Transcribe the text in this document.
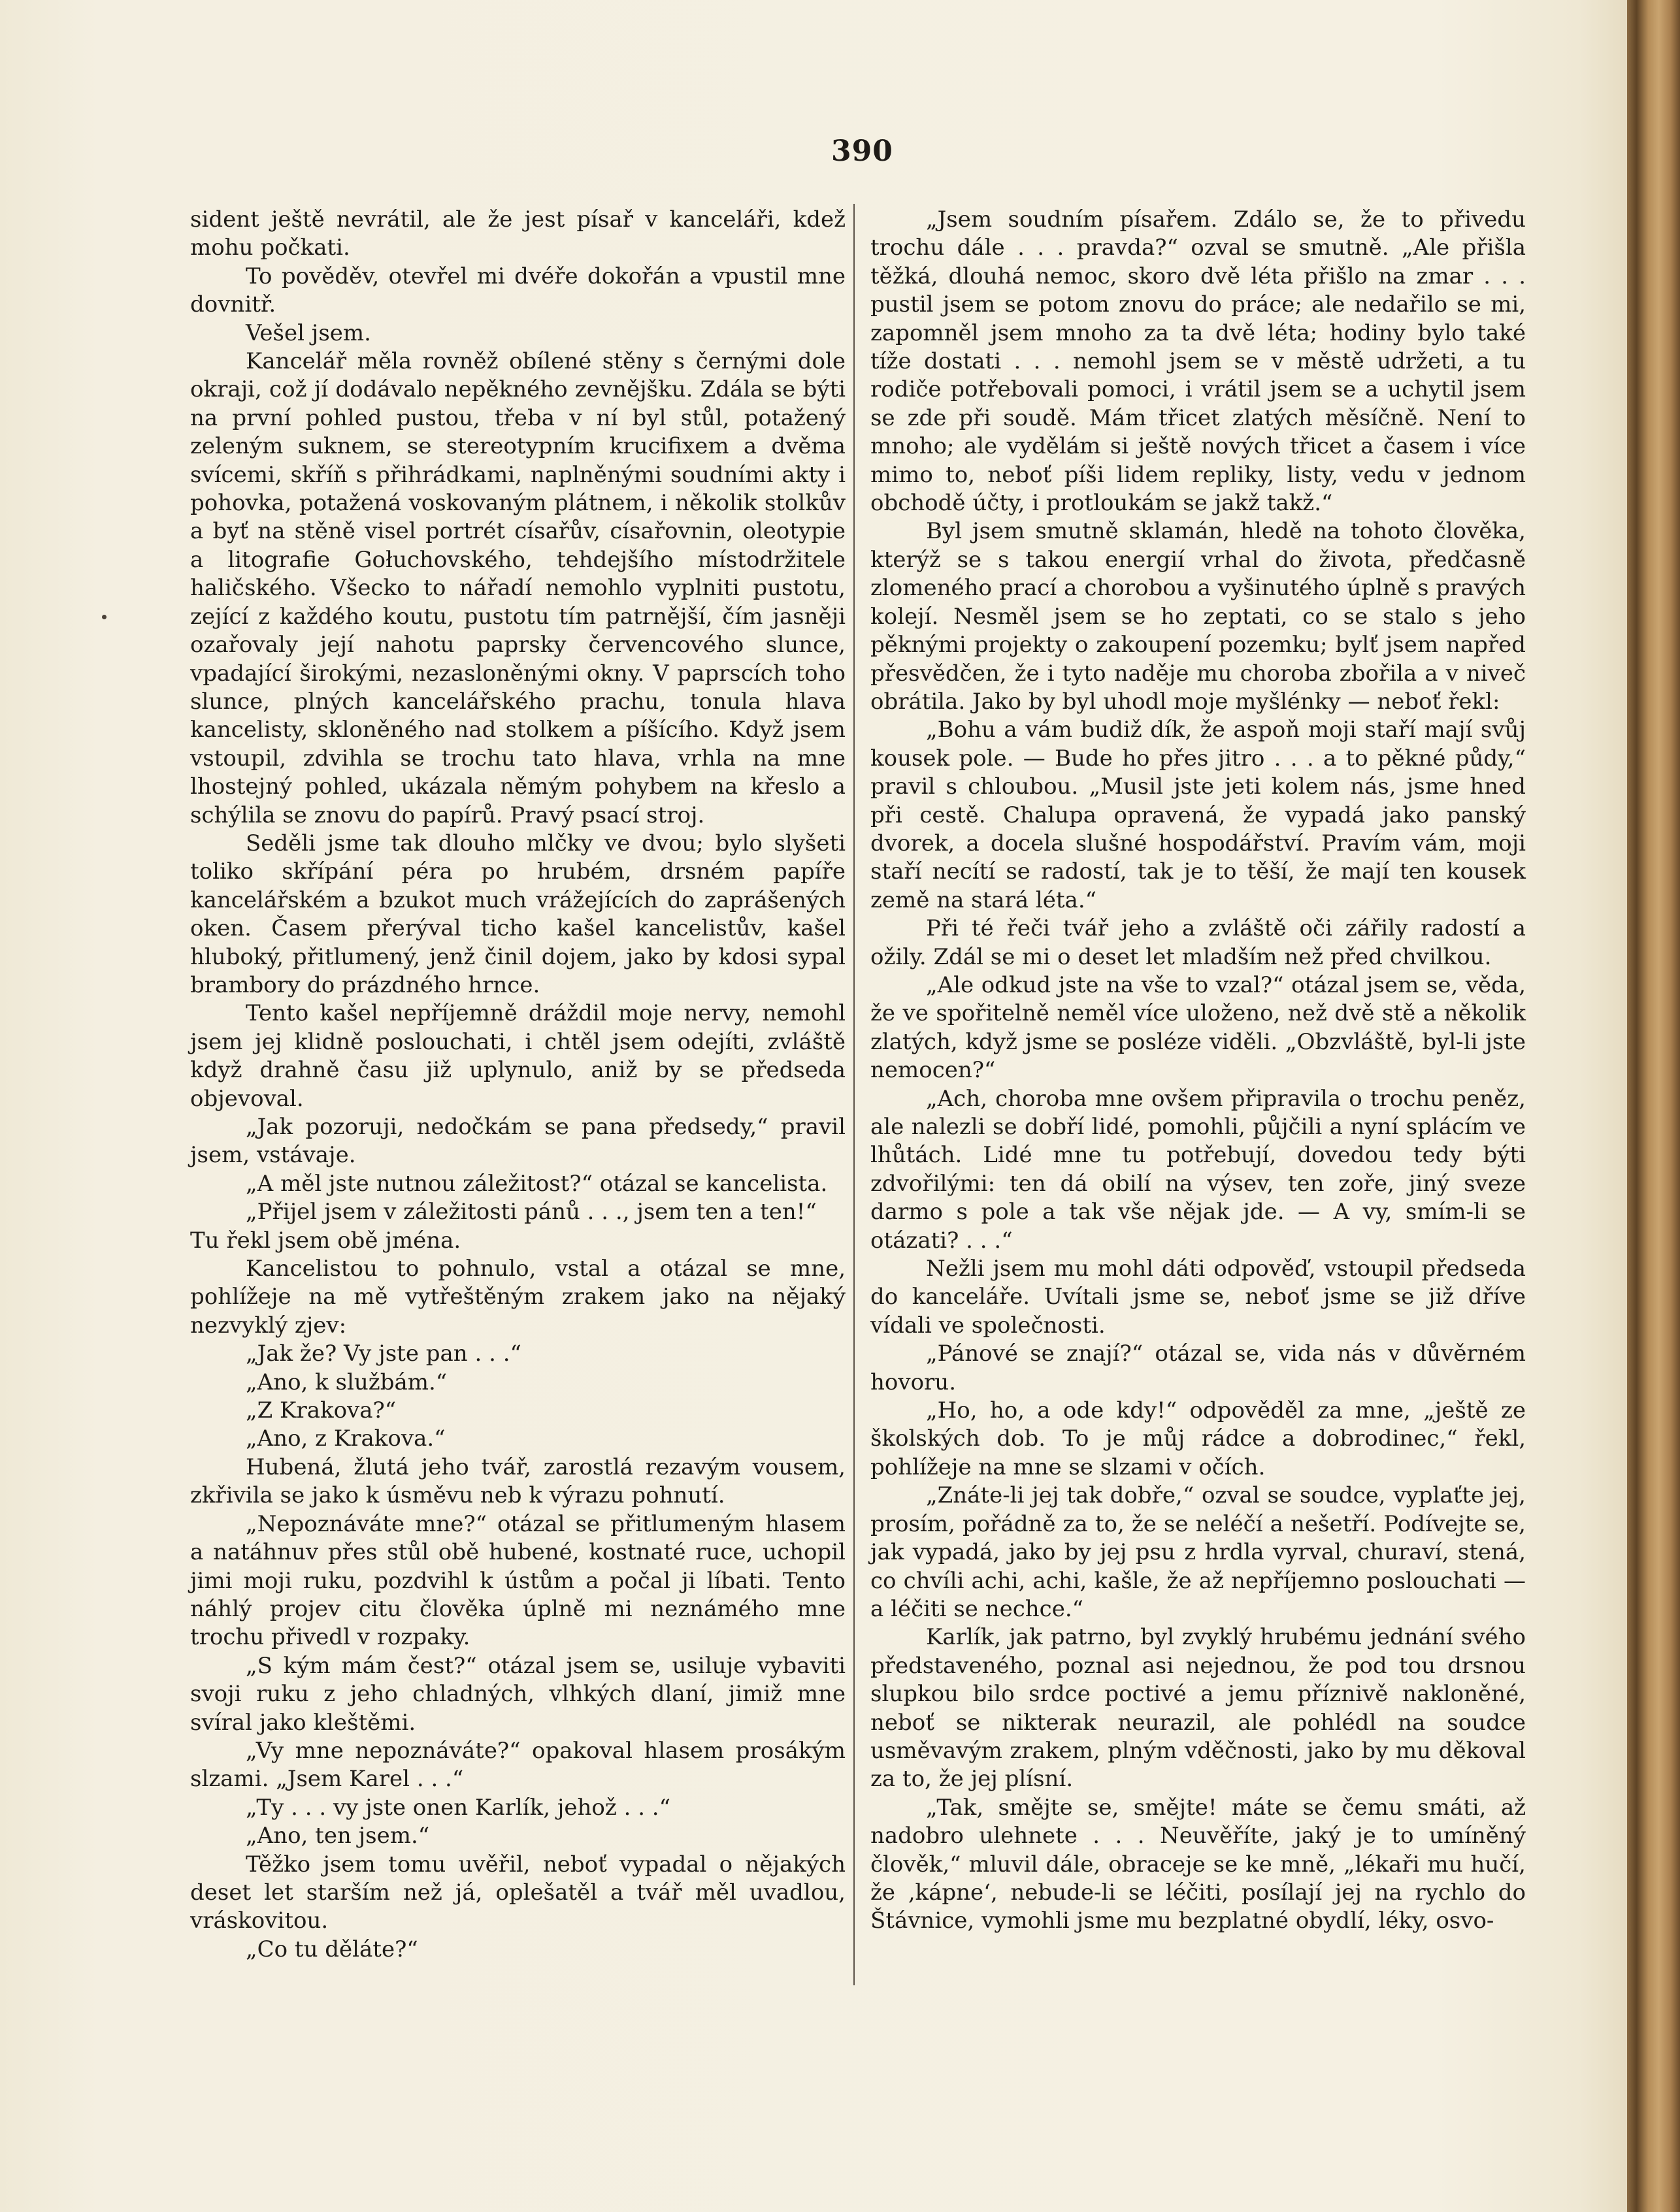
390

sident ještě nevrátil, ale že jest písař v kanceláři, kdež mohu počkati.

To pověděv, otevřel mi dvéře dokořán a vpustil mne dovnitř.

Vešel jsem.

Kancelář měla rovněž obílené stěny s černými dole okraji, což jí dodávalo nepěkného zevnějšku. Zdála se býti na první pohled pustou, třeba v ní byl stůl, potažený zeleným suknem, se stereotypním krucifixem a dvěma svícemi, skříň s přihrádkami, naplněnými soudními akty i pohovka, potažená voskovaným plátnem, i několik stolkův a byť na stěně visel portrét císařův, císařovnin, oleotypie a litografie Gołuchovského, tehdejšího místodržitele haličského. Všecko to nářadí nemohlo vyplniti pustotu, zející z každého koutu, pustotu tím patrnější, čím jasněji ozařovaly její nahotu paprsky červencového slunce, vpadající širokými, nezasloněnými okny. V paprscích toho slunce, plných kancelářského prachu, tonula hlava kancelisty, skloněného nad stolkem a píšícího. Když jsem vstoupil, zdvihla se trochu tato hlava, vrhla na mne lhostejný pohled, ukázala němým pohybem na křeslo a schýlila se znovu do papírů. Pravý psací stroj.

Seděli jsme tak dlouho mlčky ve dvou; bylo slyšeti toliko skřípání péra po hrubém, drsném papíře kancelářském a bzukot much vrážejících do zaprášených oken. Časem přerýval ticho kašel kancelistův, kašel hluboký, přitlumený, jenž činil dojem, jako by kdosi sypal brambory do prázdného hrnce.

Tento kašel nepříjemně dráždil moje nervy, nemohl jsem jej klidně poslouchati, i chtěl jsem odejíti, zvláště když drahně času již uplynulo, aniž by se předseda objevoval.

„Jak pozoruji, nedočkám se pana předsedy,“ pravil jsem, vstávaje.

„A měl jste nutnou záležitost?“ otázal se kancelista.

„Přijel jsem v záležitosti pánů . . ., jsem ten a ten!“

Tu řekl jsem obě jména.

Kancelistou to pohnulo, vstal a otázal se mne, pohlížeje na mě vytřeštěným zrakem jako na nějaký nezvyklý zjev:

„Jak že? Vy jste pan . . .“

„Ano, k službám.“

„Z Krakova?“

„Ano, z Krakova.“

Hubená, žlutá jeho tvář, zarostlá rezavým vousem, zkřivila se jako k úsměvu neb k výrazu pohnutí.

„Nepoznáváte mne?“ otázal se přitlumeným hlasem a natáhnuv přes stůl obě hubené, kostnaté ruce, uchopil jimi moji ruku, pozdvihl k ústům a počal ji líbati. Tento náhlý projev citu člověka úplně mi neznámého mne trochu přivedl v rozpaky.

„S kým mám čest?“ otázal jsem se, usiluje vybaviti svoji ruku z jeho chladných, vlhkých dlaní, jimiž mne svíral jako kleštěmi.

„Vy mne nepoznáváte?“ opakoval hlasem prosákým slzami. „Jsem Karel . . .“

„Ty . . . vy jste onen Karlík, jehož . . .“

„Ano, ten jsem.“

Těžko jsem tomu uvěřil, neboť vypadal o nějakých deset let starším než já, oplešatěl a tvář měl uvadlou, vráskovitou.

„Co tu děláte?“

„Jsem soudním písařem. Zdálo se, že to přivedu trochu dále . . . pravda?“ ozval se smutně. „Ale přišla těžká, dlouhá nemoc, skoro dvě léta přišlo na zmar . . . pustil jsem se potom znovu do práce; ale nedařilo se mi, zapomněl jsem mnoho za ta dvě léta; hodiny bylo také tíže dostati . . . nemohl jsem se v městě udržeti, a tu rodiče potřebovali pomoci, i vrátil jsem se a uchytil jsem se zde při soudě. Mám třicet zlatých měsíčně. Není to mnoho; ale vydělám si ještě nových třicet a časem i více mimo to, neboť píši lidem repliky, listy, vedu v jednom obchodě účty, i protloukám se jakž takž.“

Byl jsem smutně sklamán, hledě na tohoto člověka, kterýž se s takou energií vrhal do života, předčasně zlomeného prací a chorobou a vyšinutého úplně s pravých kolejí. Nesměl jsem se ho zeptati, co se stalo s jeho pěknými projekty o zakoupení pozemku; bylť jsem napřed přesvědčen, že i tyto naděje mu choroba zbořila a v niveč obrátila. Jako by byl uhodl moje myšlénky — neboť řekl:

„Bohu a vám budiž dík, že aspoň moji staří mají svůj kousek pole. — Bude ho přes jitro . . . a to pěkné půdy,“ pravil s chloubou. „Musil jste jeti kolem nás, jsme hned při cestě. Chalupa opravená, že vypadá jako panský dvorek, a docela slušné hospodářství. Pravím vám, moji staří necítí se radostí, tak je to těší, že mají ten kousek země na stará léta.“

Při té řeči tvář jeho a zvláště oči zářily radostí a ožily. Zdál se mi o deset let mladším než před chvilkou.

„Ale odkud jste na vše to vzal?“ otázal jsem se, věda, že ve spořitelně neměl více uloženo, než dvě stě a několik zlatých, když jsme se posléze viděli. „Obzvláště, byl-li jste nemocen?“

„Ach, choroba mne ovšem připravila o trochu peněz, ale nalezli se dobří lidé, pomohli, půjčili a nyní splácím ve lhůtách. Lidé mne tu potřebují, dovedou tedy býti zdvořilými: ten dá obilí na výsev, ten zoře, jiný sveze darmo s pole a tak vše nějak jde. — A vy, smím-li se otázati? . . .“

Nežli jsem mu mohl dáti odpověď, vstoupil předseda do kanceláře. Uvítali jsme se, neboť jsme se již dříve vídali ve společnosti.

„Pánové se znají?“ otázal se, vida nás v důvěrném hovoru.

„Ho, ho, a ode kdy!“ odpověděl za mne, „ještě ze školských dob. To je můj rádce a dobrodinec,“ řekl, pohlížeje na mne se slzami v očích.

„Znáte-li jej tak dobře,“ ozval se soudce, vyplaťte jej, prosím, pořádně za to, že se neléčí a nešetří. Podívejte se, jak vypadá, jako by jej psu z hrdla vyrval, churaví, stená, co chvíli achi, achi, kašle, že až nepříjemno poslouchati — a léčiti se nechce.“

Karlík, jak patrno, byl zvyklý hrubému jednání svého představeného, poznal asi nejednou, že pod tou drsnou slupkou bilo srdce poctivé a jemu příznivě nakloněné, neboť se nikterak neurazil, ale pohlédl na soudce usměvavým zrakem, plným vděčnosti, jako by mu děkoval za to, že jej plísní.

„Tak, smějte se, smějte! máte se čemu smáti, až nadobro ulehnete . . . Neuvěříte, jaký je to umíněný člověk,“ mluvil dále, obraceje se ke mně, „lékaři mu hučí, že ‚kápne‘, nebude-li se léčiti, posílají jej na rychlo do Štávnice, vymohli jsme mu bezplatné obydlí, léky, osvo-
